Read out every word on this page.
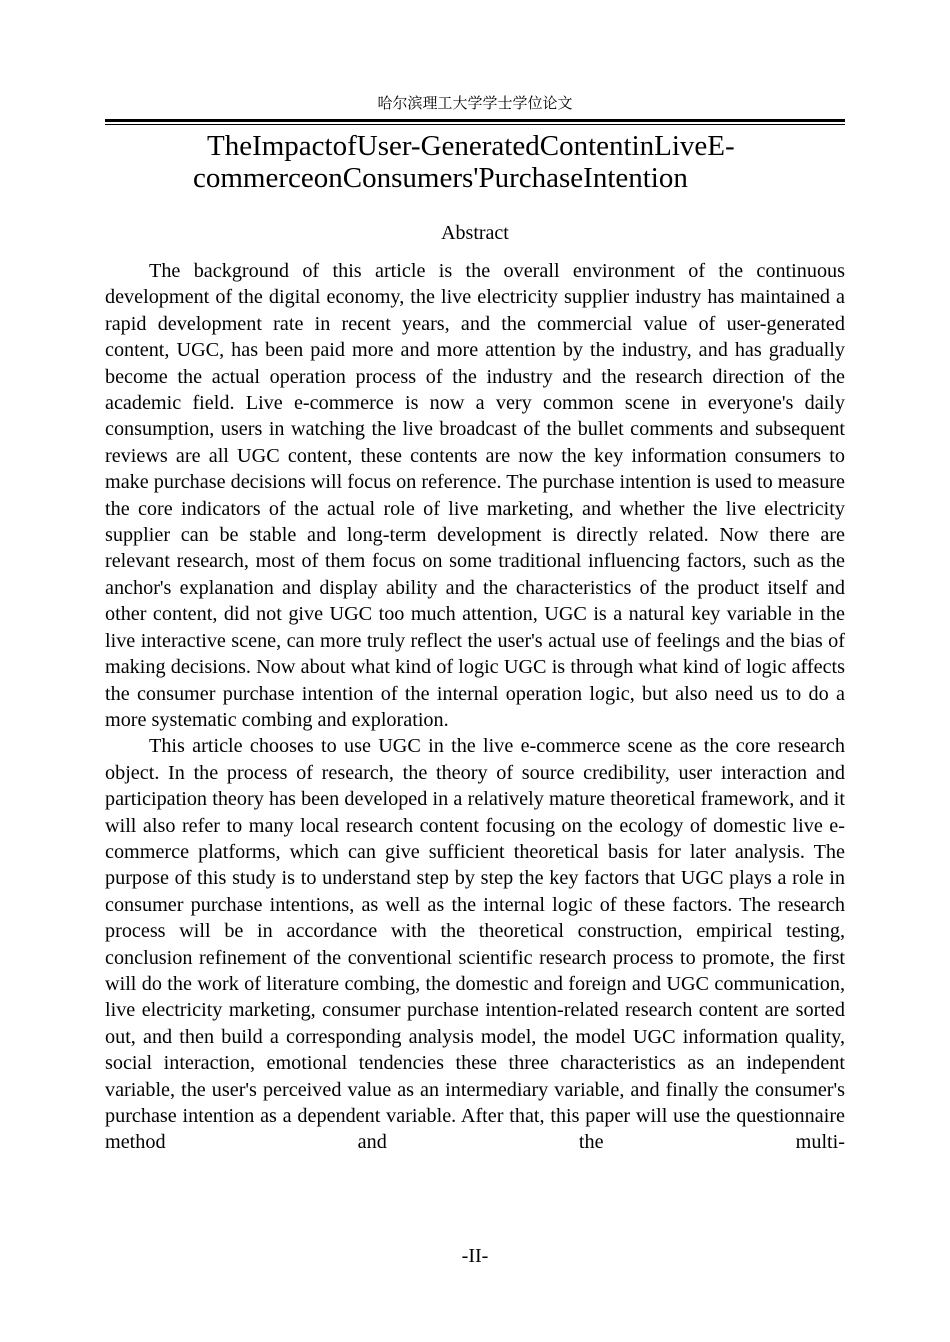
哈尔滨理工大学学士学位论文
TheImpactofUser-GeneratedContentinLiveE-
commerceonConsumers'PurchaseIntention
Abstract

The background of this article is the overall environment of the continuous development of the digital economy, the live electricity supplier industry has maintained a rapid development rate in recent years, and the commercial value of user-generated content, UGC, has been paid more and more attention by the industry, and has gradually become the actual operation process of the industry and the research direction of the academic field. Live e-commerce is now a very common scene in everyone's daily consumption, users in watching the live broadcast of the bullet comments and subsequent reviews are all UGC content, these contents are now the key information consumers to make purchase decisions will focus on reference. The purchase intention is used to measure the core indicators of the actual role of live marketing, and whether the live electricity supplier can be stable and long-term development is directly related. Now there are relevant research, most of them focus on some traditional influencing factors, such as the anchor's explanation and display ability and the characteristics of the product itself and other content, did not give UGC too much attention, UGC is a natural key variable in the live interactive scene, can more truly reflect the user's actual use of feelings and the bias of making decisions. Now about what kind of logic UGC is through what kind of logic affects the consumer purchase intention of the internal operation logic, but also need us to do a more systematic combing and exploration.

This article chooses to use UGC in the live e-commerce scene as the core research object. In the process of research, the theory of source credibility, user interaction and participation theory has been developed in a relatively mature theoretical framework, and it will also refer to many local research content focusing on the ecology of domestic live e-commerce platforms, which can give sufficient theoretical basis for later analysis. The purpose of this study is to understand step by step the key factors that UGC plays a role in consumer purchase intentions, as well as the internal logic of these factors. The research process will be in accordance with the theoretical construction, empirical testing, conclusion refinement of the conventional scientific research process to promote, the first will do the work of literature combing, the domestic and foreign and UGC communication, live electricity marketing, consumer purchase intention-related research content are sorted out, and then build a corresponding analysis model, the model UGC information quality, social interaction, emotional tendencies these three characteristics as an independent variable, the user's perceived value as an intermediary variable, and finally the consumer's purchase intention as a dependent variable. After that, this paper will use the questionnaire method and the multi-

-II-
